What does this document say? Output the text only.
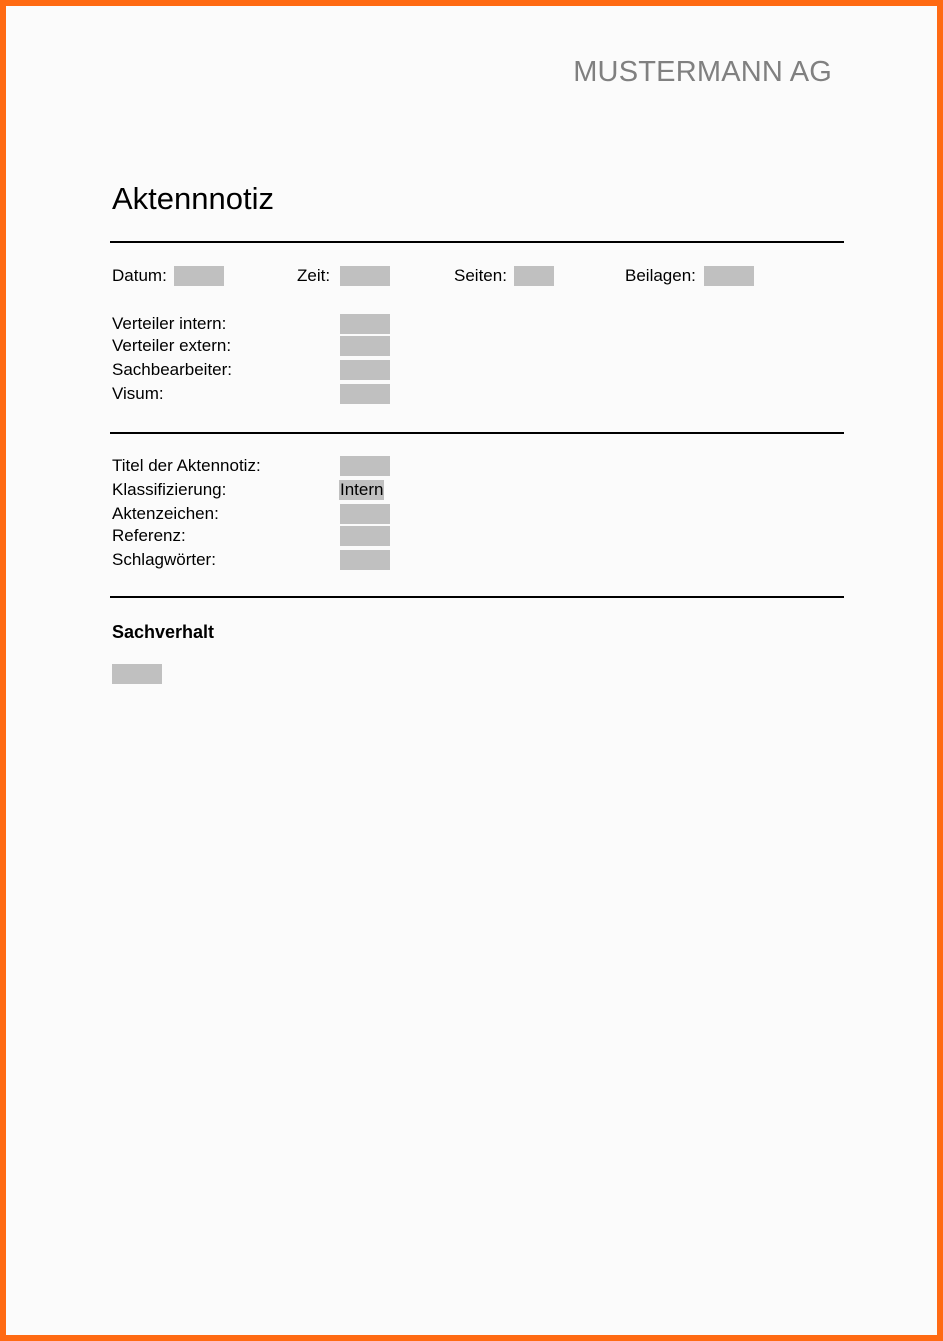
MUSTERMANN AG
Aktennnotiz
Datum:	Zeit:	Seiten:	Beilagen:
Verteiler intern:
Verteiler extern:
Sachbearbeiter:
Visum:
Titel der Aktennotiz:
Klassifizierung:	Intern
Aktenzeichen:
Referenz:
Schlagwörter:
Sachverhalt
